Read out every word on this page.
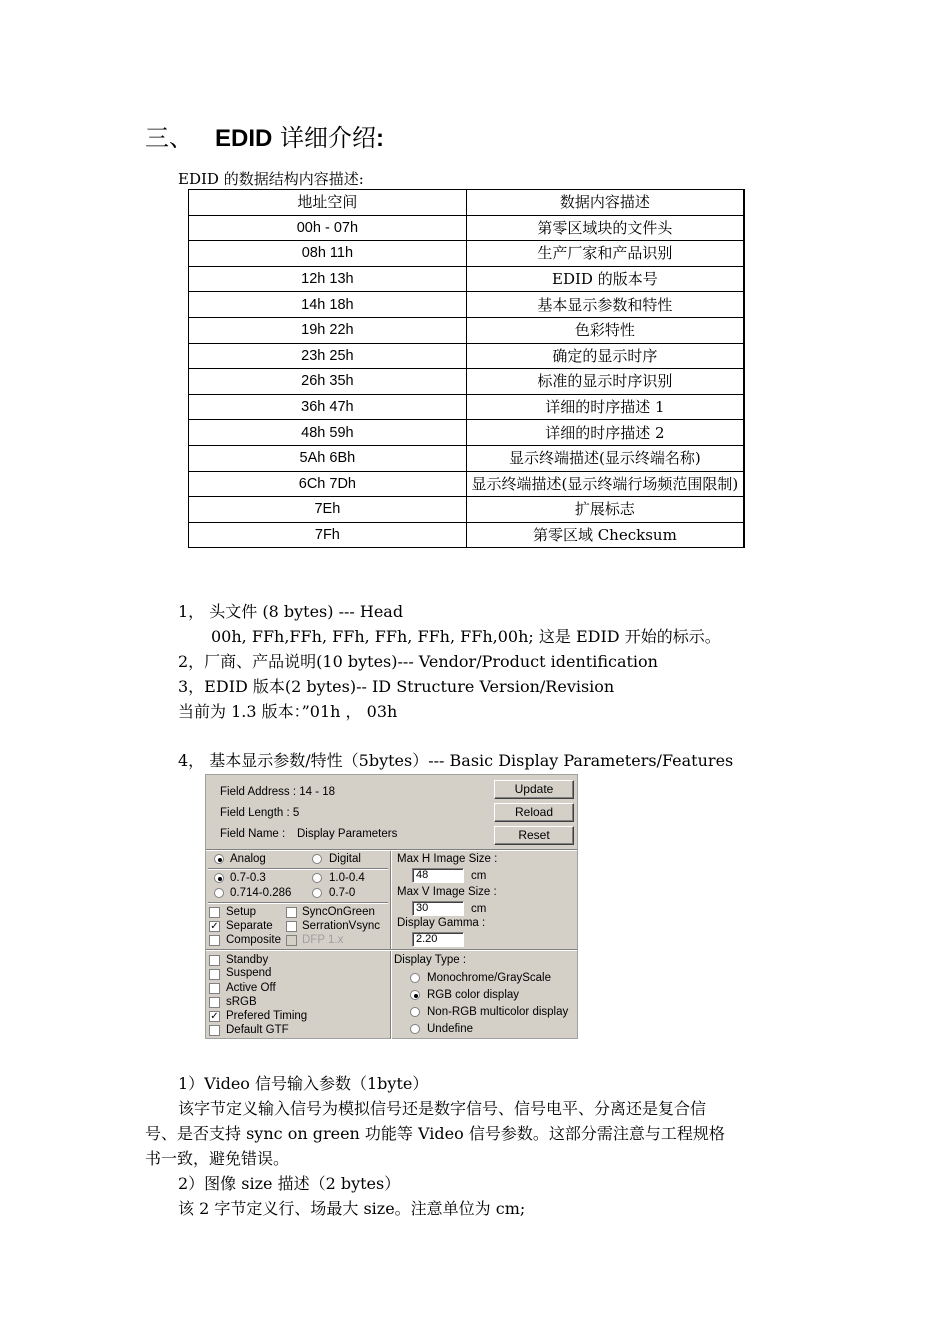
三、 EDID 详细介绍:
EDID 的数据结构内容描述:
地址空间	数据内容描述
00h - 07h	第零区域块的文件头
08h 11h	生产厂家和产品识别
12h 13h	EDID 的版本号
14h 18h	基本显示参数和特性
19h 22h	色彩特性
23h 25h	确定的显示时序
26h 35h	标准的显示时序识别
36h 47h	详细的时序描述 1
48h 59h	详细的时序描述 2
5Ah 6Bh	显示终端描述(显示终端名称)
6Ch 7Dh	显示终端描述(显示终端行场频范围限制)
7Eh	扩展标志
7Fh	第零区域 Checksum
1， 头文件 (8 bytes) --- Head
00h, FFh,FFh, FFh, FFh, FFh, FFh,00h; 这是 EDID 开始的标示。
2，厂商、产品说明(10 bytes)--- Vendor/Product identification
3，EDID 版本(2 bytes)-- ID Structure Version/Revision
当前为 1.3 版本：”01h ， 03h
4， 基本显示参数/特性（5bytes）--- Basic Display Parameters/Features
Field Address : 14 - 18
Field Length : 5
Field Name : Display Parameters
Update
Reload
Reset
Analog	Digital
0.7-0.3	1.0-0.4
0.714-0.286	0.7-0
Setup	SyncOnGreen
✓ Separate	SerrationVsync
Composite DFP 1.x
Max H Image Size :
48	cm
Max V Image Size :
30	cm
Display Gamma :
2.20
Standby
Suspend
Active Off
sRGB
✓ Prefered Timing
Default GTF
Display Type :
Monochrome/GrayScale
RGB color display
Non-RGB multicolor display
Undefine
1）Video 信号输入参数（1byte）
该字节定义输入信号为模拟信号还是数字信号、信号电平、分离还是复合信
号、是否支持 sync on green 功能等 Video 信号参数。这部分需注意与工程规格
书一致，避免错误。
2）图像 size 描述（2 bytes）
该 2 字节定义行、场最大 size。注意单位为 cm;
